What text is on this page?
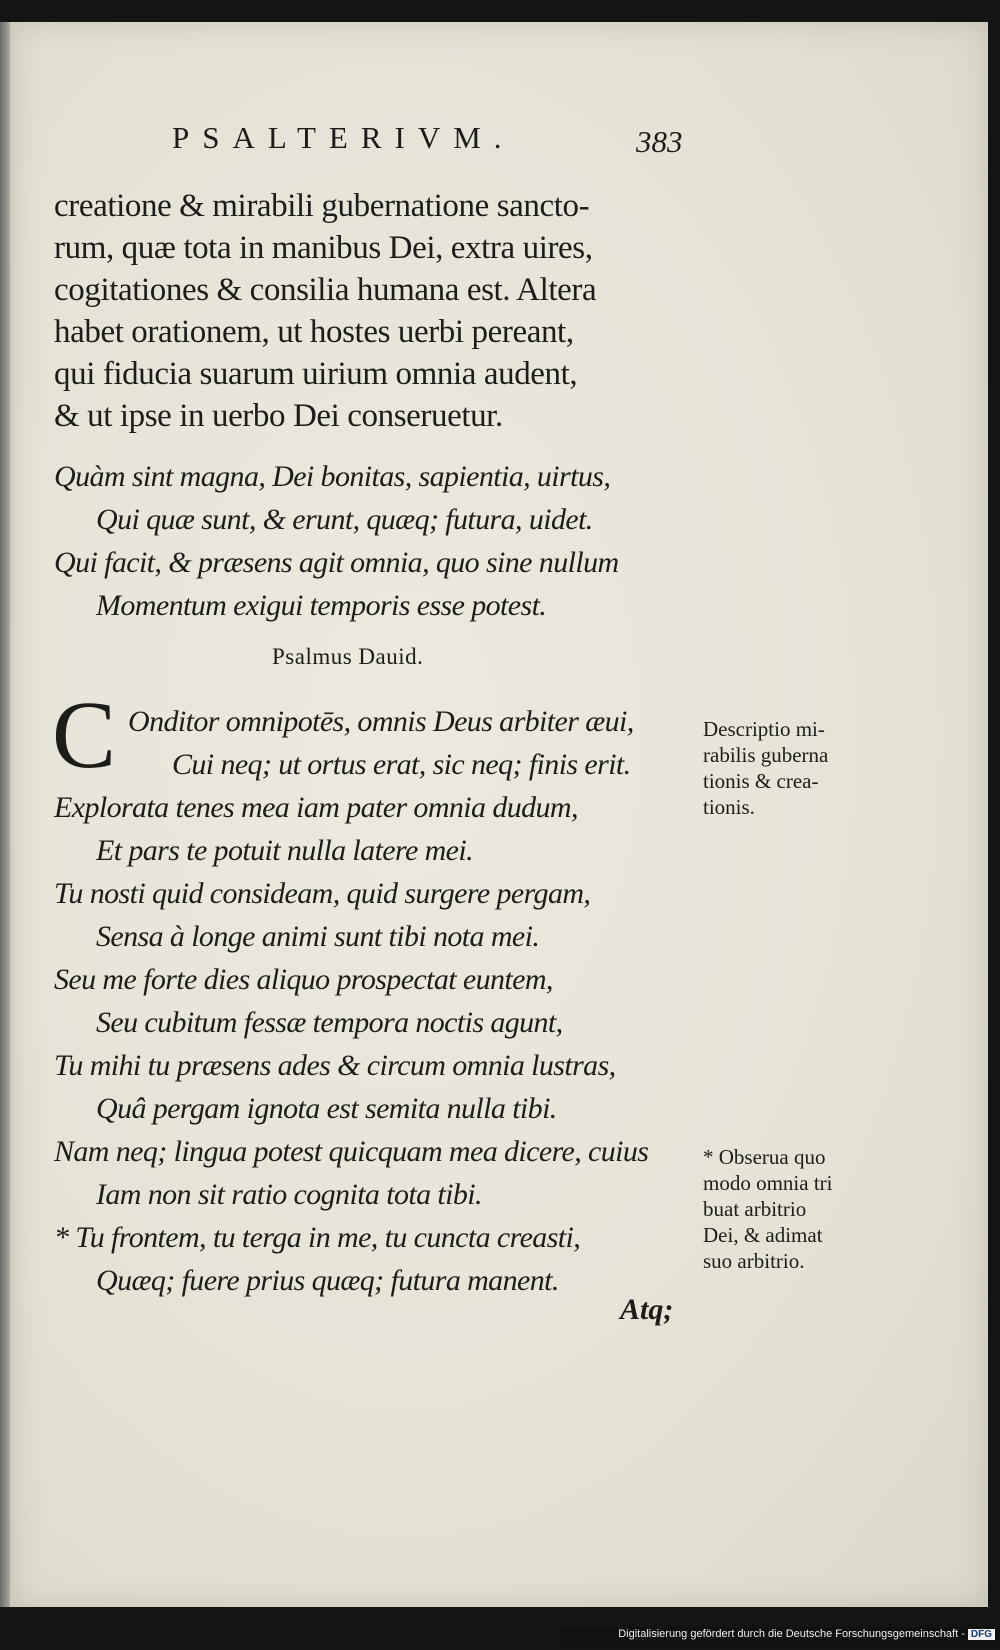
PSALTERIVM.	383
creatione & mirabili gubernatione sancto-
rum, quæ tota in manibus Dei, extra uires,
cogitationes & consilia humana est. Altera
habet orationem, ut hostes uerbi pereant,
qui fiducia suarum uirium omnia audent,
& ut ipse in uerbo Dei conseruetur.
Quàm sint magna, Dei bonitas, sapientia, uirtus,
Qui quæ sunt, & erunt, quæq; futura, uidet.
Qui facit, & præsens agit omnia, quo sine nullum
Momentum exigui temporis esse potest.
Psalmus Dauid.
C Onditor omnipotēs, omnis Deus arbiter æui,
Cui neq; ut ortus erat, sic neq; finis erit.
Explorata tenes mea iam pater omnia dudum,
Et pars te potuit nulla latere mei.
Tu nosti quid consideam, quid surgere pergam,
Sensa à longe animi sunt tibi nota mei.
Seu me forte dies aliquo prospectat euntem,
Seu cubitum fessæ tempora noctis agunt,
Tu mihi tu præsens ades & circum omnia lustras,
Quâ pergam ignota est semita nulla tibi.
Nam neq; lingua potest quicquam mea dicere, cuius
Iam non sit ratio cognita tota tibi.
* Tu frontem, tu terga in me, tu cuncta creasti,
Quæq; fuere prius quæq; futura manent.
Atq;
Descriptio mi-
rabilis guberna
tionis & crea-
tionis.
* Obserua quo
modo omnia tri
buat arbitrio
Dei, & adimat
suo arbitrio.
Digitalisierung gefördert durch die Deutsche Forschungsgemeinschaft - DFG
